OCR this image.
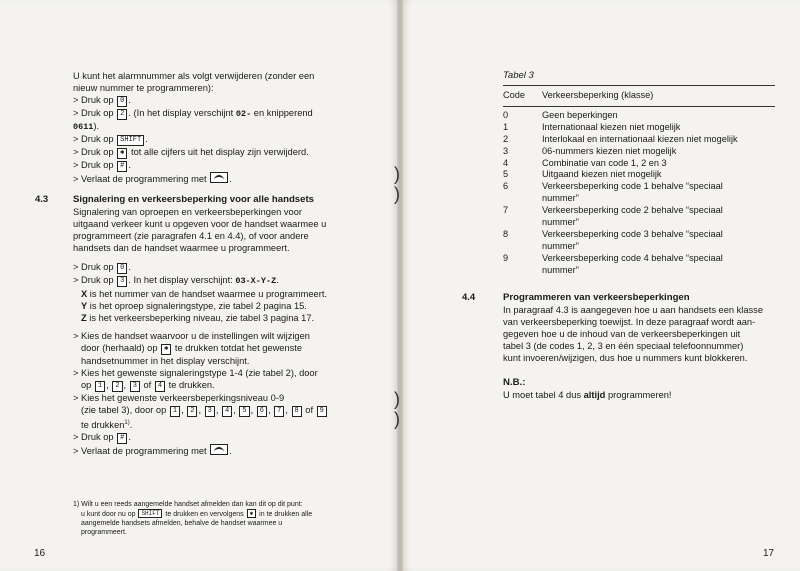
U kunt het alarmnummer als volgt verwijderen (zonder een
nieuw nummer te programmeren):
> Druk op 0 .
> Druk op 2 . (In het display verschijnt 02- en knipperend
0611).
> Druk op SHIFT .
> Druk op ✱ tot alle cijfers uit het display zijn verwijderd.
> Druk op # .
> Verlaat de programmering met .
4.3	Signalering en verkeersbeperking voor alle handsets
Signalering van oproepen en verkeersbeperkingen voor
uitgaand verkeer kunt u opgeven voor de handset waarmee u
programmeert (zie paragrafen 4.1 en 4.4), of voor andere
handsets dan de handset waarmee u programmeert.
> Druk op 0 .
> Druk op 3 . In het display verschijnt: 03-X-Y-Z.
X is het nummer van de handset waarmee u programmeert.
Y is het oproep signaleringstype, zie tabel 2 pagina 15.
Z is het verkeersbeperking niveau, zie tabel 3 pagina 17.
> Kies de handset waarvoor u de instellingen wilt wijzigen
door (herhaald) op ✱ te drukken totdat het gewenste
handsetnummer in het display verschijnt.
> Kies het gewenste signaleringstype 1-4 (zie tabel 2), door
op 1 , 2 , 3 of 4 te drukken.
> Kies het gewenste verkeersbeperkingsniveau 0-9
(zie tabel 3), door op 1 , 2 , 3 , 4 , 5 , 6 , 7 , 8 of 9
te drukken$^{1)}$.
> Druk op # .
> Verlaat de programmering met .
1) Wilt u een reeds aangemelde handset afmelden dan kan dit op dit punt:
u kunt door nu op SHIFT te drukken en vervolgens ✱ in te drukken alle
aangemelde handsets afmelden, behalve de handset waarmee u
programmeert.
16
Tabel 3
Code	Verkeersbeperking (klasse)
0	Geen beperkingen

1	Internationaal kiezen niet mogelijk

2	Interlokaal en internationaal kiezen niet mogelijk

3	06-nummers kiezen niet mogelijk

4	Combinatie van code 1, 2 en 3

5	Uitgaand kiezen niet mogelijk

6	Verkeersbeperking code 1 behalve “speciaal
nummer”

7	Verkeersbeperking code 2 behalve “speciaal
nummer”

8	Verkeersbeperking code 3 behalve “speciaal
nummer”

9	Verkeersbeperking code 4 behalve “speciaal
nummer”
4.4	Programmeren van verkeersbeperkingen
In paragraaf 4.3 is aangegeven hoe u aan handsets een klasse
van verkeersbeperking toewijst. In deze paragraaf wordt aan-
gegeven hoe u de inhoud van de verkeersbeperkingen uit
tabel 3 (de codes 1, 2, 3 en één speciaal telefoonnummer)
kunt invoeren/wijzigen, dus hoe u nummers kunt blokkeren.
N.B.:
U moet tabel 4 dus altijd programmeren!
17
)
)
)
)
